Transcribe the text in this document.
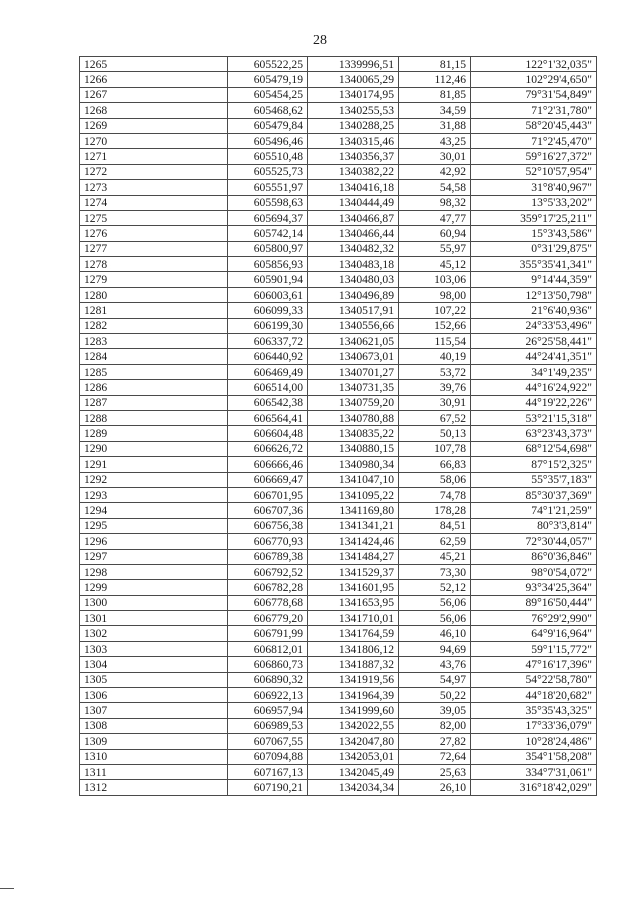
28
1265	605522,25	1339996,51	81,15	122°1'32,035"
1266	605479,19	1340065,29	112,46	102°29'4,650"
1267	605454,25	1340174,95	81,85	79°31'54,849"
1268	605468,62	1340255,53	34,59	71°2'31,780"
1269	605479,84	1340288,25	31,88	58°20'45,443"
1270	605496,46	1340315,46	43,25	71°2'45,470"
1271	605510,48	1340356,37	30,01	59°16'27,372"
1272	605525,73	1340382,22	42,92	52°10'57,954"
1273	605551,97	1340416,18	54,58	31°8'40,967"
1274	605598,63	1340444,49	98,32	13°5'33,202"
1275	605694,37	1340466,87	47,77	359°17'25,211"
1276	605742,14	1340466,44	60,94	15°3'43,586"
1277	605800,97	1340482,32	55,97	0°31'29,875"
1278	605856,93	1340483,18	45,12	355°35'41,341"
1279	605901,94	1340480,03	103,06	9°14'44,359"
1280	606003,61	1340496,89	98,00	12°13'50,798"
1281	606099,33	1340517,91	107,22	21°6'40,936"
1282	606199,30	1340556,66	152,66	24°33'53,496"
1283	606337,72	1340621,05	115,54	26°25'58,441"
1284	606440,92	1340673,01	40,19	44°24'41,351"
1285	606469,49	1340701,27	53,72	34°1'49,235"
1286	606514,00	1340731,35	39,76	44°16'24,922"
1287	606542,38	1340759,20	30,91	44°19'22,226"
1288	606564,41	1340780,88	67,52	53°21'15,318"
1289	606604,48	1340835,22	50,13	63°23'43,373"
1290	606626,72	1340880,15	107,78	68°12'54,698"
1291	606666,46	1340980,34	66,83	87°15'2,325"
1292	606669,47	1341047,10	58,06	55°35'7,183"
1293	606701,95	1341095,22	74,78	85°30'37,369"
1294	606707,36	1341169,80	178,28	74°1'21,259"
1295	606756,38	1341341,21	84,51	80°3'3,814"
1296	606770,93	1341424,46	62,59	72°30'44,057"
1297	606789,38	1341484,27	45,21	86°0'36,846"
1298	606792,52	1341529,37	73,30	98°0'54,072"
1299	606782,28	1341601,95	52,12	93°34'25,364"
1300	606778,68	1341653,95	56,06	89°16'50,444"
1301	606779,20	1341710,01	56,06	76°29'2,990"
1302	606791,99	1341764,59	46,10	64°9'16,964"
1303	606812,01	1341806,12	94,69	59°1'15,772"
1304	606860,73	1341887,32	43,76	47°16'17,396"
1305	606890,32	1341919,56	54,97	54°22'58,780"
1306	606922,13	1341964,39	50,22	44°18'20,682"
1307	606957,94	1341999,60	39,05	35°35'43,325"
1308	606989,53	1342022,55	82,00	17°33'36,079"
1309	607067,55	1342047,80	27,82	10°28'24,486"
1310	607094,88	1342053,01	72,64	354°1'58,208"
1311	607167,13	1342045,49	25,63	334°7'31,061"
1312	607190,21	1342034,34	26,10	316°18'42,029"
